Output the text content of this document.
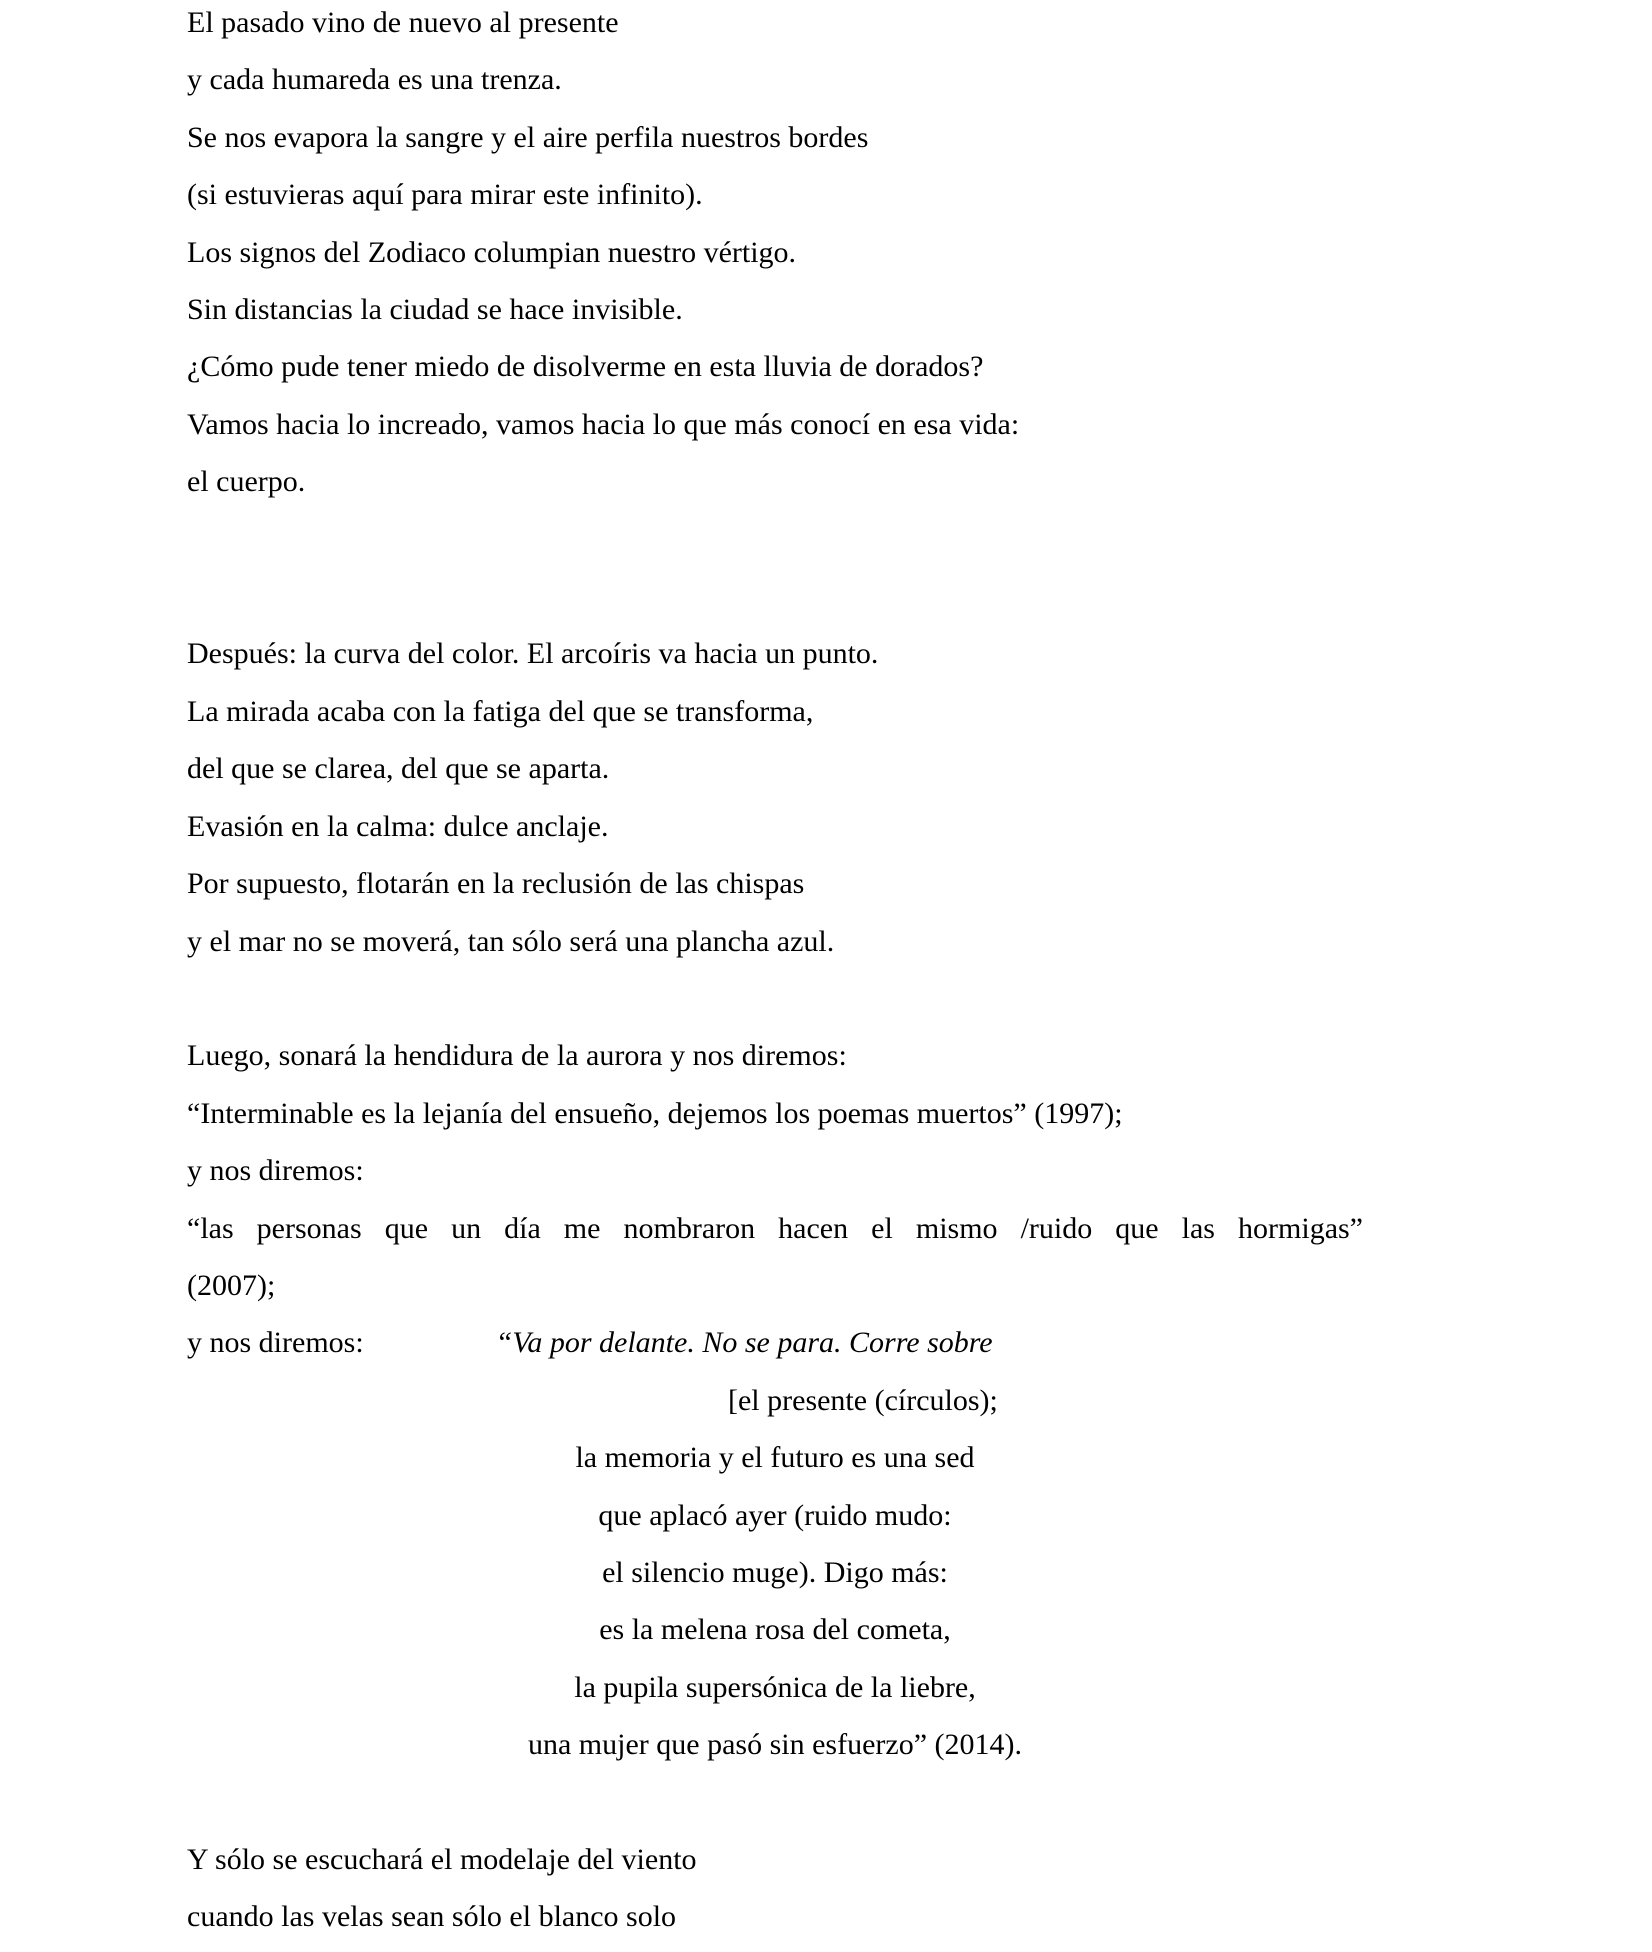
El pasado vino de nuevo al presente
y cada humareda es una trenza.
Se nos evapora la sangre y el aire perfila nuestros bordes
(si estuvieras aquí para mirar este infinito).
Los signos del Zodiaco columpian nuestro vértigo.
Sin distancias la ciudad se hace invisible.
¿Cómo pude tener miedo de disolverme en esta lluvia de dorados?
Vamos hacia lo increado, vamos hacia lo que más conocí en esa vida:
el cuerpo.
Después: la curva del color. El arcoíris va hacia un punto.
La mirada acaba con la fatiga del que se transforma,
del que se clarea, del que se aparta.
Evasión en la calma: dulce anclaje.
Por supuesto, flotarán en la reclusión de las chispas
y el mar no se moverá, tan sólo será una plancha azul.
Luego, sonará la hendidura de la aurora y nos diremos:
“Interminable es la lejanía del ensueño, dejemos los poemas muertos” (1997);
y nos diremos:
“las personas que un día me nombraron hacen el mismo /ruido que las hormigas”
(2007);
y nos diremos:	“Va por delante. No se para. Corre sobre
[el presente (círculos);
la memoria y el futuro es una sed
que aplacó ayer (ruido mudo:
el silencio muge). Digo más:
es la melena rosa del cometa,
la pupila supersónica de la liebre,
una mujer que pasó sin esfuerzo” (2014).
Y sólo se escuchará el modelaje del viento
cuando las velas sean sólo el blanco solo
